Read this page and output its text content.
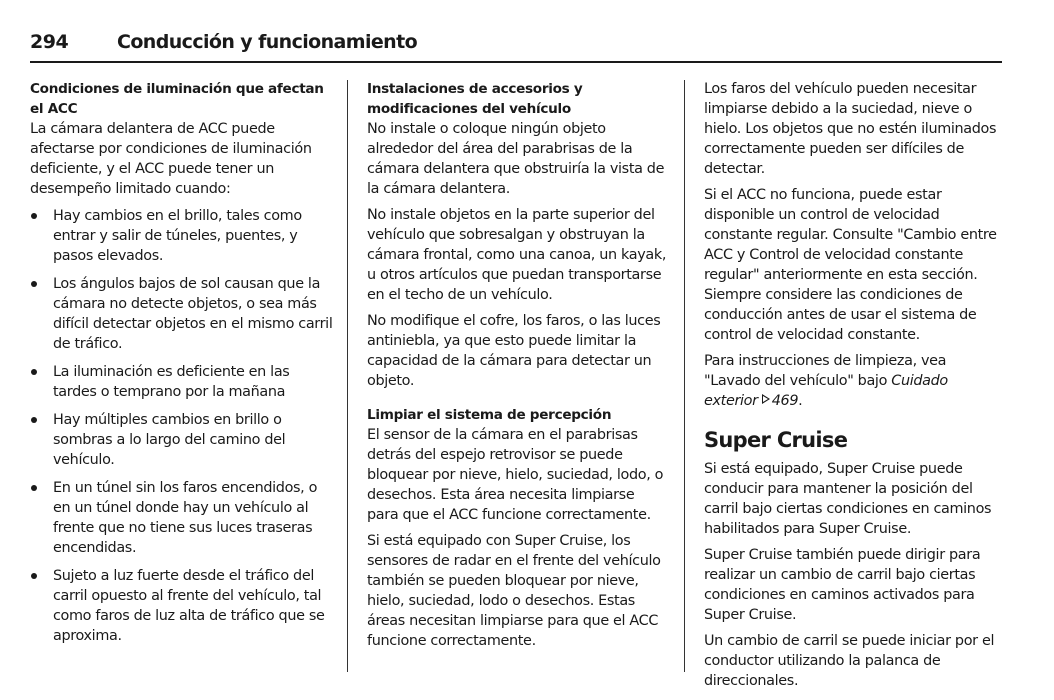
294	Conducción y funcionamiento
Condiciones de iluminación que afectan el ACC

La cámara delantera de ACC puede afectarse por condiciones de iluminación deficiente, y el ACC puede tener un desempeño limitado cuando:

Hay cambios en el brillo, tales como entrar y salir de túneles, puentes, y pasos elevados.
Los ángulos bajos de sol causan que la cámara no detecte objetos, o sea más difícil detectar objetos en el mismo carril de tráfico.
La iluminación es deficiente en las tardes o temprano por la mañana
Hay múltiples cambios en brillo o sombras a lo largo del camino del vehículo.
En un túnel sin los faros encendidos, o en un túnel donde hay un vehículo al frente que no tiene sus luces traseras encendidas.
Sujeto a luz fuerte desde el tráfico del carril opuesto al frente del vehículo, tal como faros de luz alta de tráfico que se aproxima.
Instalaciones de accesorios y modificaciones del vehículo

No instale o coloque ningún objeto alrededor del área del parabrisas de la cámara delantera que obstruiría la vista de la cámara delantera.

No instale objetos en la parte superior del vehículo que sobresalgan y obstruyan la cámara frontal, como una canoa, un kayak, u otros artículos que puedan transportarse en el techo de un vehículo.

No modifique el cofre, los faros, o las luces antiniebla, ya que esto puede limitar la capacidad de la cámara para detectar un objeto.

Limpiar el sistema de percepción

El sensor de la cámara en el parabrisas detrás del espejo retrovisor se puede bloquear por nieve, hielo, suciedad, lodo, o desechos. Esta área necesita limpiarse para que el ACC funcione correctamente.

Si está equipado con Super Cruise, los sensores de radar en el frente del vehículo también se pueden bloquear por nieve, hielo, suciedad, lodo o desechos. Estas áreas necesitan limpiarse para que el ACC funcione correctamente.

Los faros del vehículo pueden necesitar limpiarse debido a la suciedad, nieve o hielo. Los objetos que no estén iluminados correctamente pueden ser difíciles de detectar.

Si el ACC no funciona, puede estar disponible un control de velocidad constante regular. Consulte "Cambio entre ACC y Control de velocidad constante regular" anteriormente en esta sección. Siempre considere las condiciones de conducción antes de usar el sistema de control de velocidad constante.

Para instrucciones de limpieza, vea "Lavado del vehículo" bajo Cuidado exterior 469.

Super Cruise

Si está equipado, Super Cruise puede conducir para mantener la posición del carril bajo ciertas condiciones en caminos habilitados para Super Cruise.

Super Cruise también puede dirigir para realizar un cambio de carril bajo ciertas condiciones en caminos activados para Super Cruise.

Un cambio de carril se puede iniciar por el conductor utilizando la palanca de direccionales.
